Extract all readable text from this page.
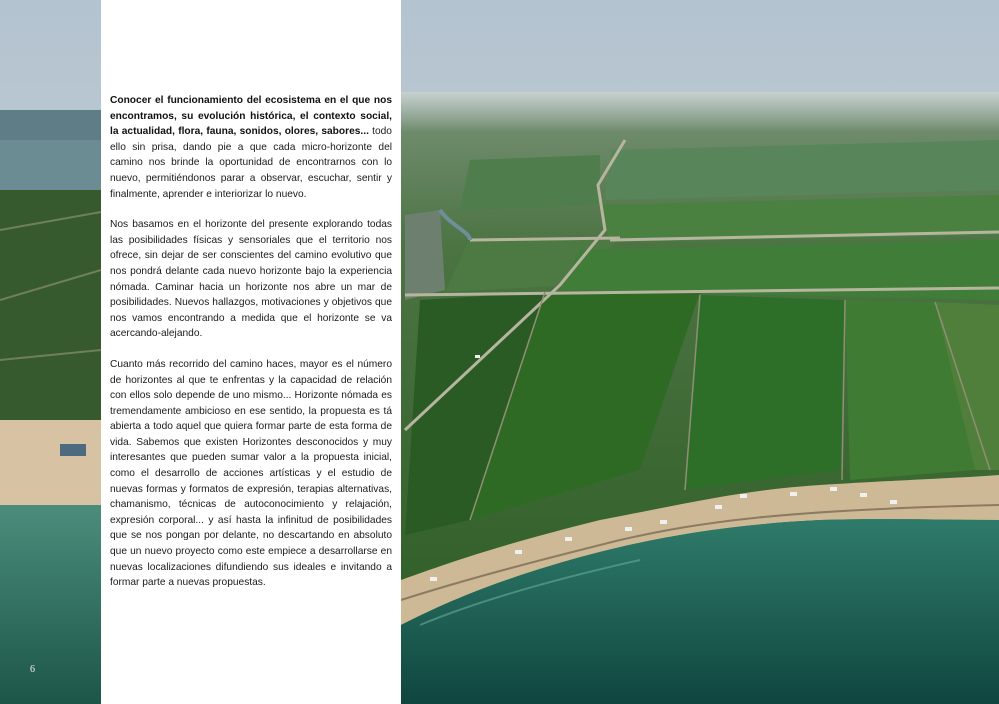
Conocer el funcionamiento del ecosistema en el que nos encontramos, su evolución histórica, el contexto social, la actualidad, flora, fauna, sonidos, olores, sabores... todo ello sin prisa, dando pie a que cada micro-horizonte del camino nos brinde la oportunidad de encontrarnos con lo nuevo, permitiéndonos parar a observar, escuchar, sentir y finalmente, aprender e interiorizar lo nuevo.

Nos basamos en el horizonte del presente explorando todas las posibilidades físicas y sensoriales que el territorio nos ofrece, sin dejar de ser conscientes del camino evolutivo que nos pondrá delante cada nuevo horizonte bajo la experiencia nómada. Caminar hacia un horizonte nos abre un mar de posibilidades. Nuevos hallazgos, motivaciones y objetivos que nos vamos encontrando a medida que el horizonte se va acercando-alejando.

Cuanto más recorrido del camino haces, mayor es el número de horizontes al que te enfrentas y la capacidad de relación con ellos solo depende de uno mismo... Horizonte nómada es tremendamente ambicioso en ese sentido, la propuesta es tá abierta a todo aquel que quiera formar parte de esta forma de vida. Sabemos que existen Horizontes desconocidos y muy interesantes que pueden sumar valor a la propuesta inicial, como el desarrollo de acciones artísticas y el estudio de nuevas formas y formatos de expresión, terapias alternativas, chamanismo, técnicas de autoconocimiento y relajación, expresión corporal... y así hasta la infinitud de posibilidades que se nos pongan por delante, no descartando en absoluto que un nuevo proyecto como este empiece a desarrollarse en nuevas localizaciones difundiendo sus ideales e invitando a formar parte a nuevas propuestas.

6
